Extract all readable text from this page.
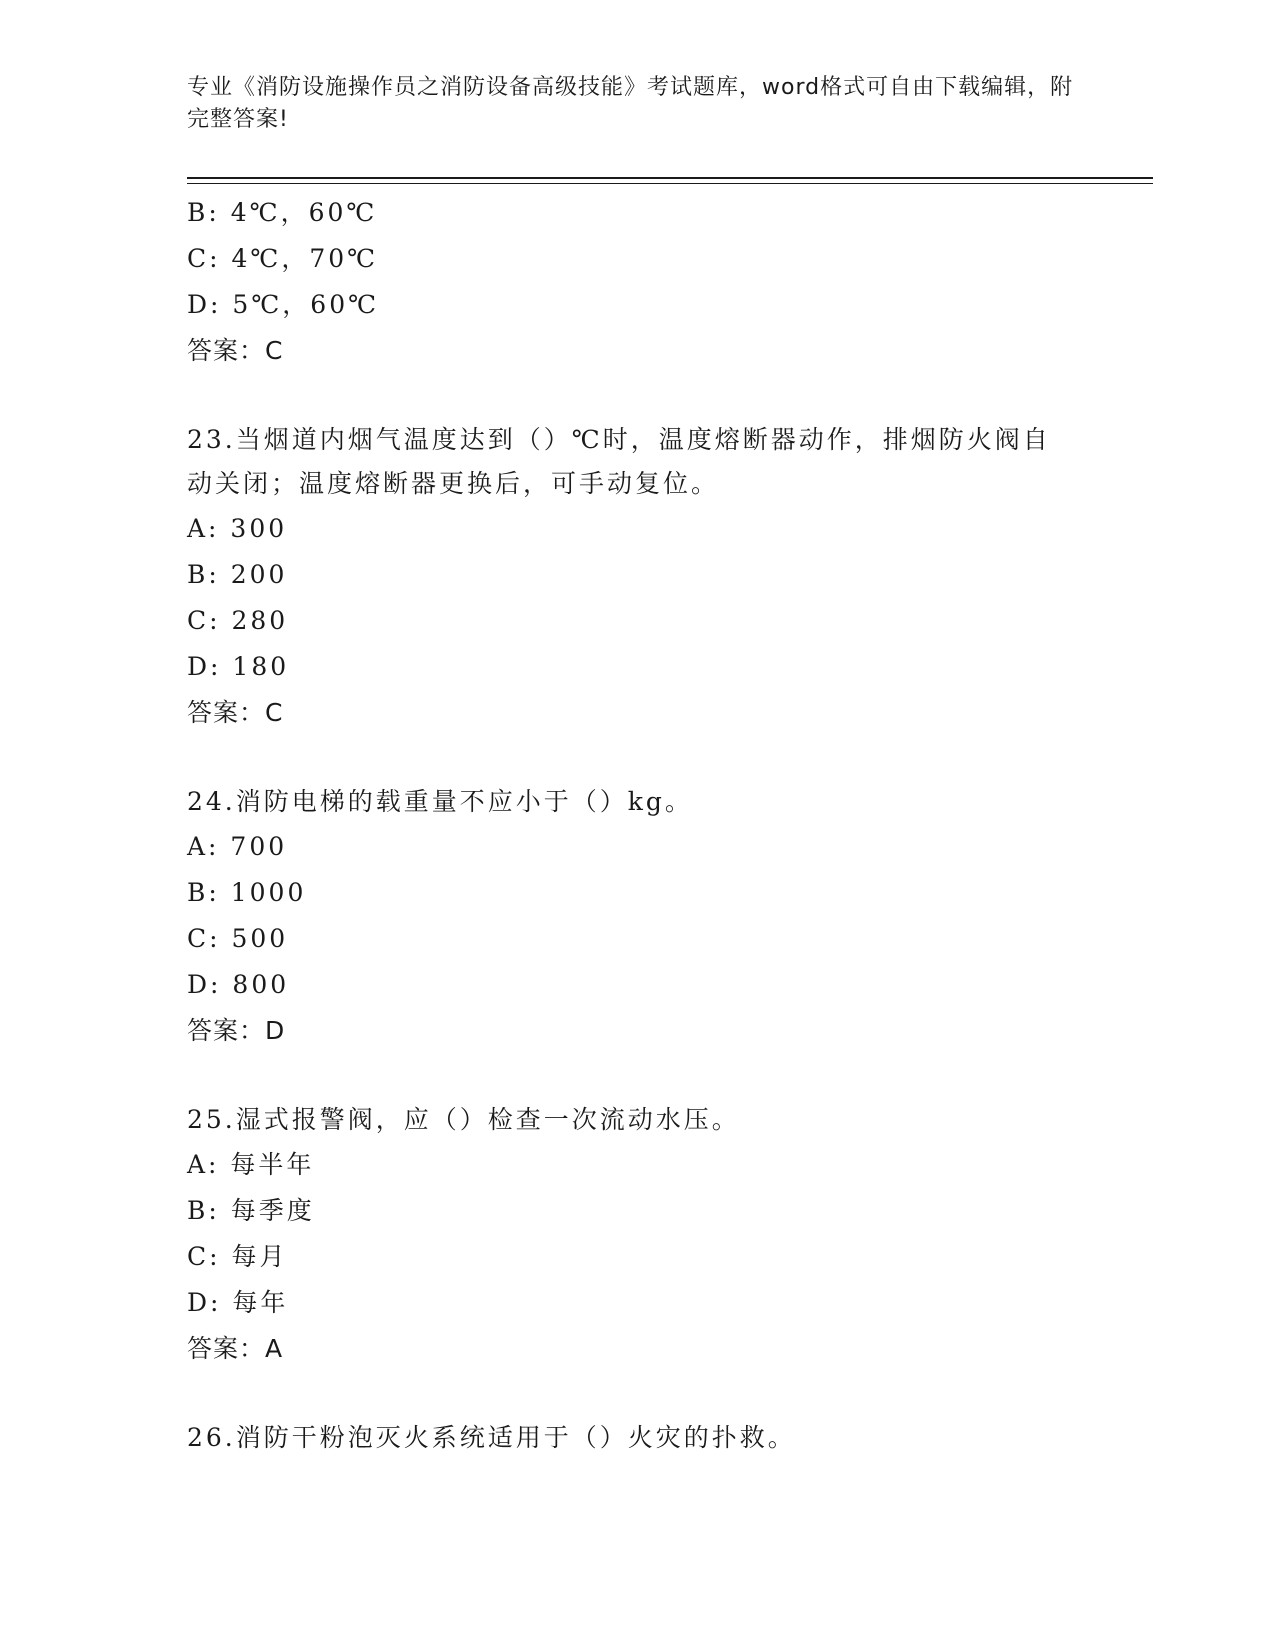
专业《消防设施操作员之消防设备高级技能》考试题库，word格式可自由下载编辑，附完整答案!
B: 4℃，60℃
C: 4℃，70℃
D: 5℃，60℃
答案：C
23.当烟道内烟气温度达到（）℃时，温度熔断器动作，排烟防火阀自动关闭；温度熔断器更换后，可手动复位。
A: 300
B: 200
C: 280
D: 180
答案：C
24.消防电梯的载重量不应小于（）kg。
A: 700
B: 1000
C: 500
D: 800
答案：D
25.湿式报警阀，应（）检查一次流动水压。
A: 每半年
B: 每季度
C: 每月
D: 每年
答案：A
26.消防干粉泡灭火系统适用于（）火灾的扑救。
